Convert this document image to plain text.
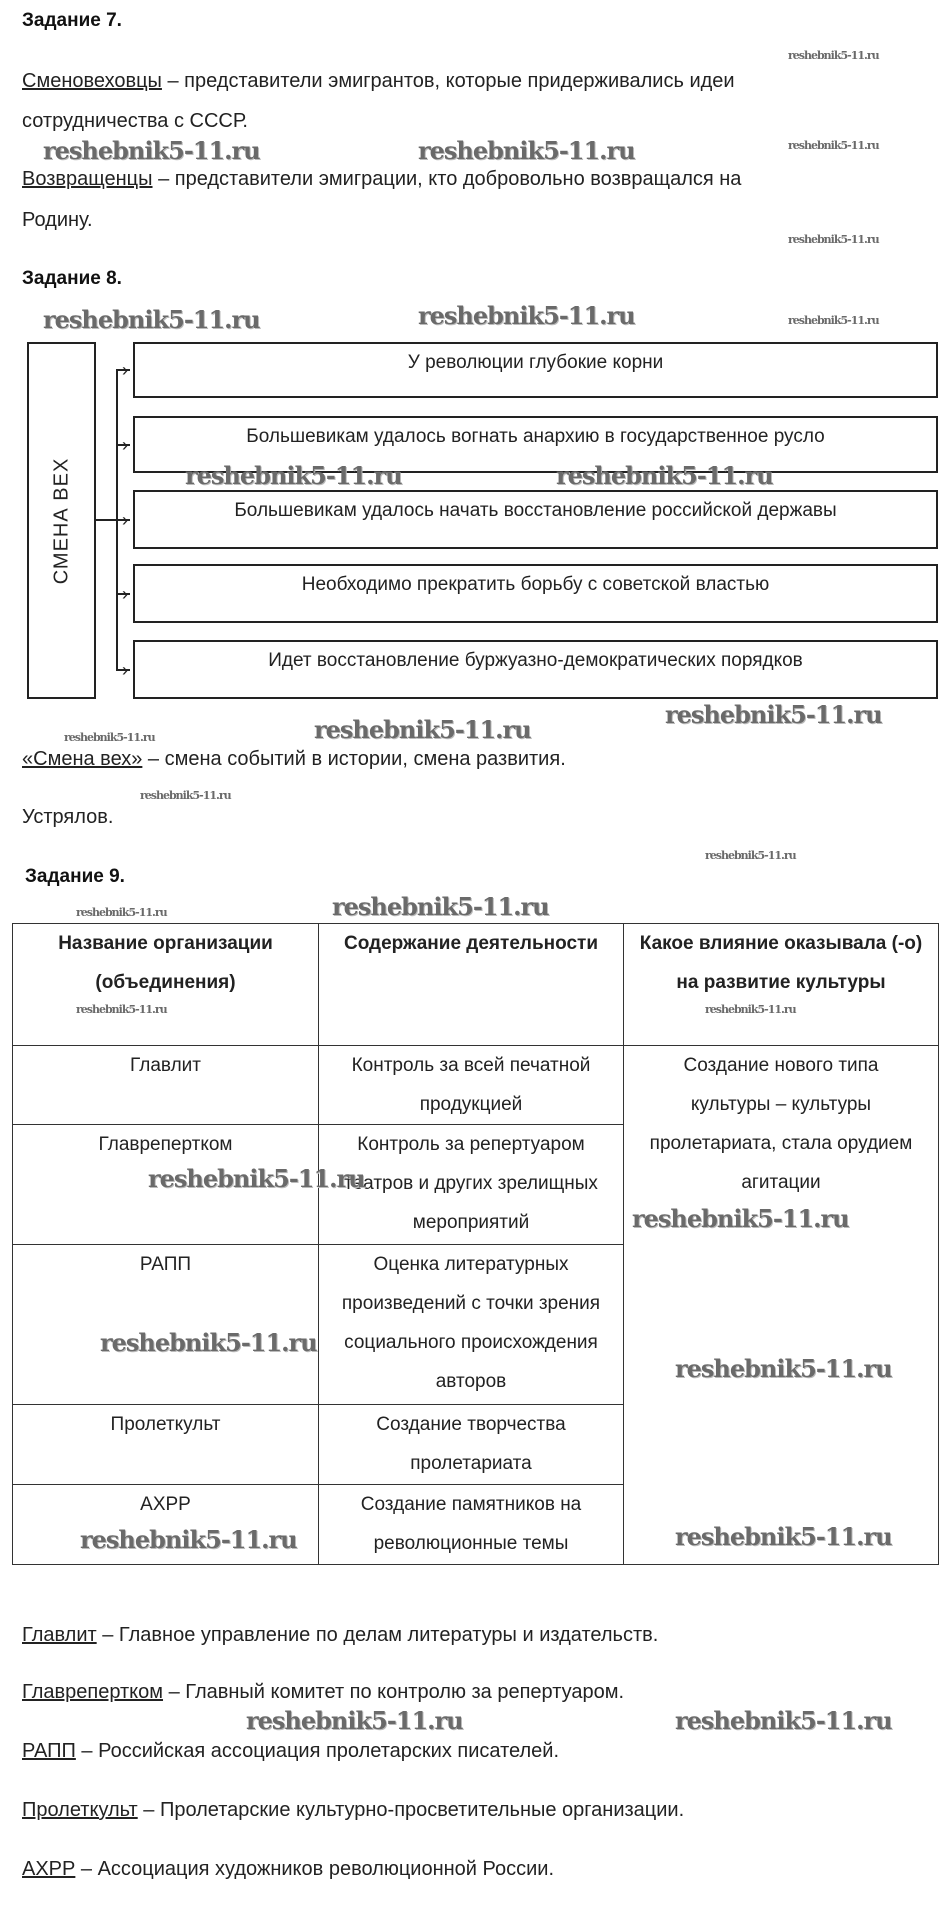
Задание 7.
Сменовеховцы – представители эмигрантов, которые придерживались идеи
сотрудничества с СССР.
Возвращенцы – представители эмиграции, кто добровольно возвращался на
Родину.
Задание 8.
СМЕНА ВЕХ
›
›
›
›
›
У революции глубокие корни
Большевикам удалось вогнать анархию в государственное русло
Большевикам удалось начать восстановление российской державы
Необходимо прекратить борьбу с советской властью
Идет восстановление буржуазно-демократических порядков
«Смена вех» – смена событий в истории, смена развития.
Устрялов.
Задание 9.
Название организации (объединения)	Содержание деятельности	Какое влияние оказывала (-о) на развитие культуры
Главлит	Контроль за всей печатной продукцией	Создание нового типа культуры – культуры пролетариата, стала орудием агитации
Главрепертком	Контроль за репертуаром театров и других зрелищных мероприятий	
РАПП	Оценка литературных произведений с точки зрения социального происхождения авторов	
Пролеткульт	Создание творчества пролетариата	
АХРР	Создание памятников на революционные темы	
Главлит – Главное управление по делам литературы и издательств.
Главрепертком – Главный комитет по контролю за репертуаром.
РАПП – Российская ассоциация пролетарских писателей.
Пролеткульт – Пролетарские культурно-просветительные организации.
АХРР – Ассоциация художников революционной России.
reshebnik5-11.ru
reshebnik5-11.ru	reshebnik5-11.ru	reshebnik5-11.ru
reshebnik5-11.ru
reshebnik5-11.ru	reshebnik5-11.ru	reshebnik5-11.ru
reshebnik5-11.ru	reshebnik5-11.ru
reshebnik5-11.ru
reshebnik5-11.ru	reshebnik5-11.ru
reshebnik5-11.ru
reshebnik5-11.ru
reshebnik5-11.ru	reshebnik5-11.ru
reshebnik5-11.ru	reshebnik5-11.ru
reshebnik5-11.ru
reshebnik5-11.ru
reshebnik5-11.ru
reshebnik5-11.ru
reshebnik5-11.ru	reshebnik5-11.ru
reshebnik5-11.ru	reshebnik5-11.ru
